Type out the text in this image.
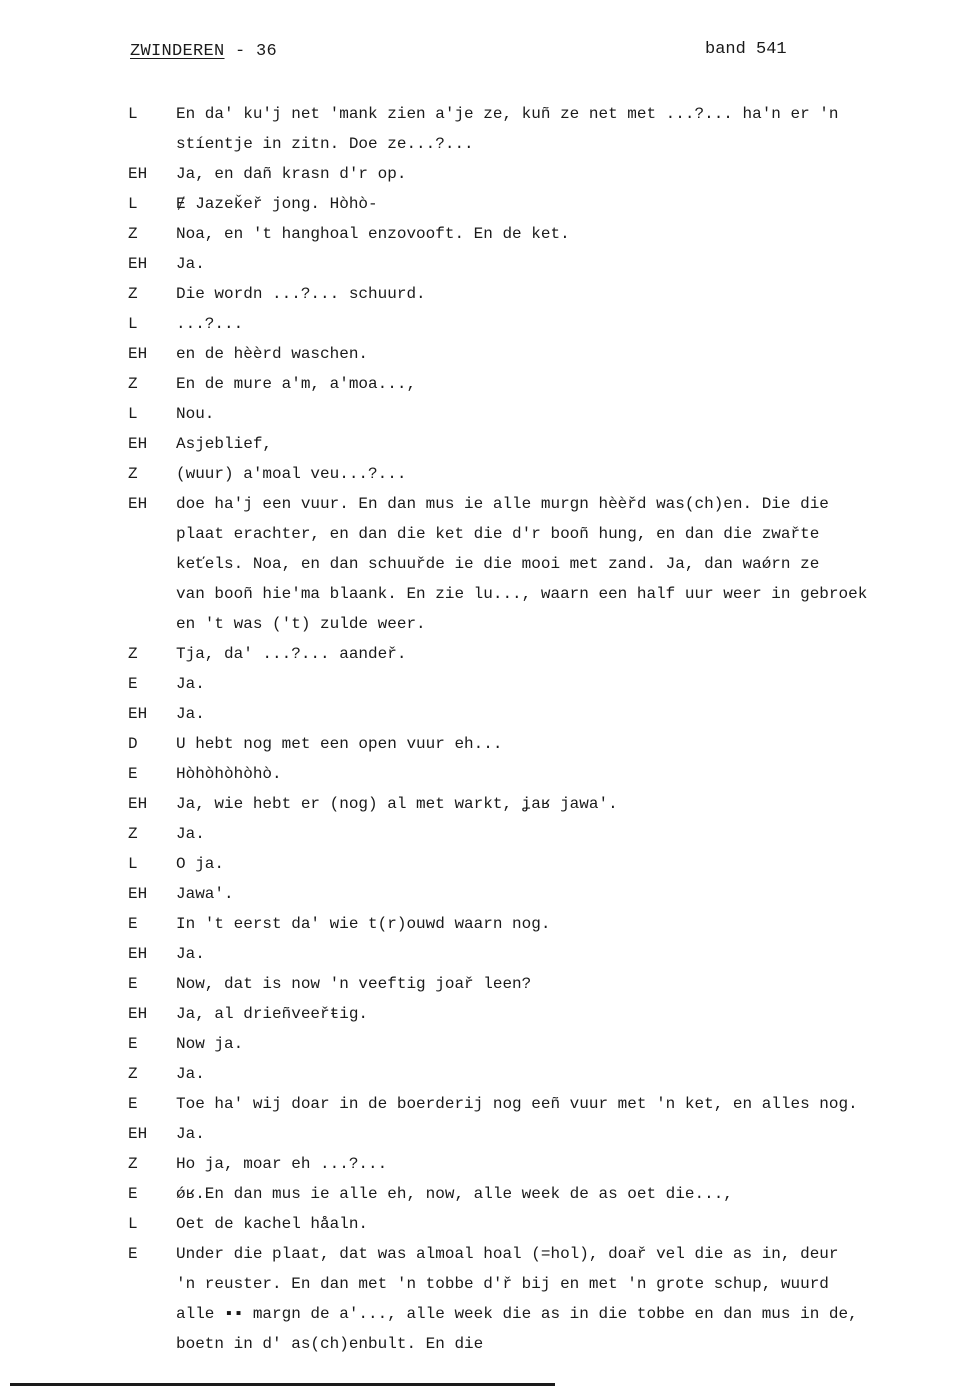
ZWINDEREN - 36	band 541
L	En da' ku'j net 'mank zien a'je ze, kuñ ze net met ...?... ha'n er 'n
stíentje in zitn. Doe ze...?...
EH	Ja, en dañ krasn d'r op.
L	Ɇ Jazeǩeř jong. Hòhò-
Z	Noa, en 't hanghoal enzovooft. En de ket.
EH	Ja.
Z	Die wordn ...?... schuurd.
L	...?...
EH	en de hèèrd waschen.
Z	En de mure a'm, a'moa...,
L	Nou.
EH	Asjeblief,
Z	(wuur) a'moal veu...?...
EH	doe ha'j een vuur. En dan mus ie alle murgn hèèřd was(ch)en. Die die
plaat erachter, en dan die ket die d'r booñ hung, en dan die zwařte
keťels. Noa, en dan schuuřde ie die mooi met zand. Ja, dan waǿrn ze
van booñ hie'ma blaank. En zie lu..., waarn een half uur weer in gebroek
en 't was ('t) zulde weer.
Z	Tja, da' ...?... aandeř.
E	Ja.
EH	Ja.
D	U hebt nog met een open vuur eh...
E	Hòhòhòhòhò.
EH	Ja, wie hebt er (nog) al met warkt, ʝaʁ jawa'.
Z	Ja.
L	O ja.
EH	Jawa'.
E	In 't eerst da' wie t(r)ouwd waarn nog.
EH	Ja.
E	Now, dat is now 'n veeftig joař leen?
EH	Ja, al drieñveeřŧig.
E	Now ja.
Z	Ja.
E	Toe ha' wij doar in de boerderij nog eeñ vuur met 'n ket, en alles nog.
EH	Ja.
Z	Ho ja, moar eh ...?...
E	ǿʁ.En dan mus ie alle eh, now, alle week de as oet die...,
L	Oet de kachel håaln.
E	Under die plaat, dat was almoal hoal (=hol), doař vel die as in, deur
'n reuster. En dan met 'n tobbe d'ř bij en met 'n grote schup, wuurd
alle ▪▪ margn de a'..., alle week die as in die tobbe en dan mus in de,
boetn in d' as(ch)enbult. En die
